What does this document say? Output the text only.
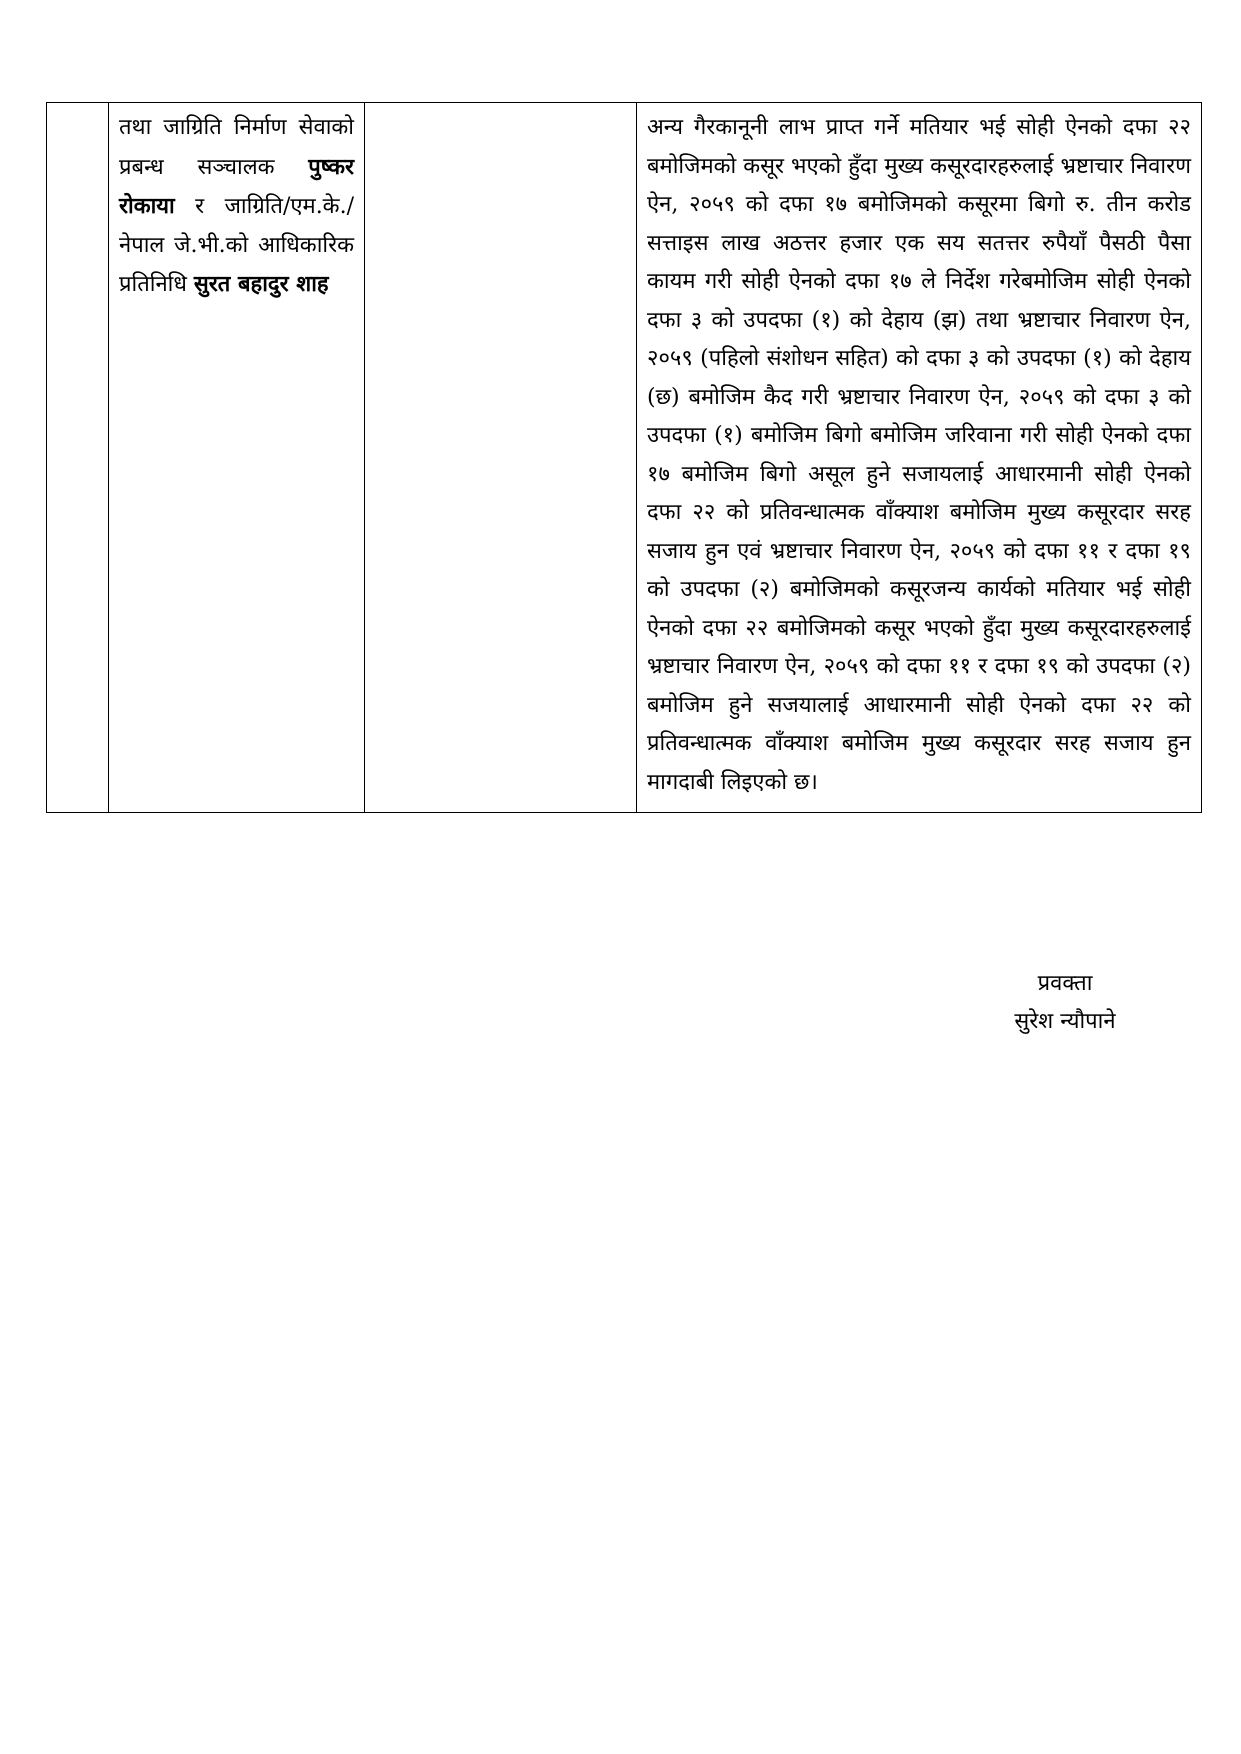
तथा जाग्रिति निर्माण सेवाको प्रबन्ध सञ्चालक पुष्कर रोकाया र जाग्रिति/एम.के./नेपाल जे.भी.को आधिकारिक प्रतिनिधि सुरत बहादुर शाह

अन्य गैरकानूनी लाभ प्राप्त गर्ने मतियार भई सोही ऐनको दफा २२ बमोजिमको कसूर भएको हुँदा मुख्य कसूरदारहरुलाई भ्रष्टाचार निवारण ऐन, २०५९ को दफा १७ बमोजिमको कसूरमा बिगो रु. तीन करोड सत्ताइस लाख अठत्तर हजार एक सय सतत्तर रुपैयाँ पैसठी पैसा कायम गरी सोही ऐनको दफा १७ ले निर्देश गरेबमोजिम सोही ऐनको दफा ३ को उपदफा (१) को देहाय (झ) तथा भ्रष्टाचार निवारण ऐन, २०५९ (पहिलो संशोधन सहित) को दफा ३ को उपदफा (१) को देहाय (छ) बमोजिम कैद गरी भ्रष्टाचार निवारण ऐन, २०५९ को दफा ३ को उपदफा (१) बमोजिम बिगो बमोजिम जरिवाना गरी सोही ऐनको दफा १७ बमोजिम बिगो असूल हुने सजायलाई आधारमानी सोही ऐनको दफा २२ को प्रतिवन्धात्मक वाँक्याश बमोजिम मुख्य कसूरदार सरह सजाय हुन एवं भ्रष्टाचार निवारण ऐन, २०५९ को दफा ११ र दफा १९ को उपदफा (२) बमोजिमको कसूरजन्य कार्यको मतियार भई सोही ऐनको दफा २२ बमोजिमको कसूर भएको हुँदा मुख्य कसूरदारहरुलाई भ्रष्टाचार निवारण ऐन, २०५९ को दफा ११ र दफा १९ को उपदफा (२) बमोजिम हुने सजयालाई आधारमानी सोही ऐनको दफा २२ को प्रतिवन्धात्मक वाँक्याश बमोजिम मुख्य कसूरदार सरह सजाय हुन मागदाबी लिइएको छ।

प्रवक्ता
सुरेश न्यौपाने
